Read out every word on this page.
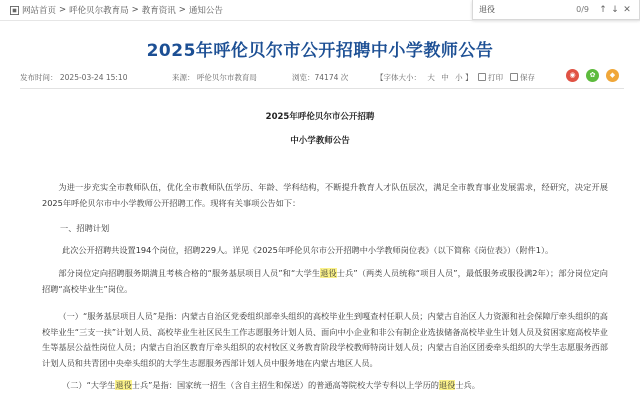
网站首页 > 呼伦贝尔教育局 > 教育资讯 > 通知公告	退役	0/9 ↑ ↓ ✕
2025年呼伦贝尔市公开招聘中小学教师公告
发布时间： 2025-03-24 15:10	来源： 呼伦贝尔市教育局	浏览：74174 次	【字体大小： 大 中 小 】 打印 保存	◉	✿	◆
2025年呼伦贝尔市公开招聘
中小学教师公告
为进一步充实全市教师队伍，优化全市教师队伍学历、年龄、学科结构，不断提升教育人才队伍层次，满足全市教育事业发展需求，经研究，决定开展2025年呼伦贝尔市中小学教师公开招聘工作。现将有关事项公告如下：
一、招聘计划
此次公开招聘共设置194个岗位，招聘229人。详见《2025年呼伦贝尔市公开招聘中小学教师岗位表》（以下简称《岗位表》）（附件1）。
部分岗位定向招聘服务期满且考核合格的“服务基层项目人员”和“大学生退役士兵”（两类人员统称“项目人员”，最低服务或服役满2年）；部分岗位定向招聘“高校毕业生”岗位。
（一）“服务基层项目人员”是指：内蒙古自治区党委组织部牵头组织的高校毕业生到嘎查村任职人员；内蒙古自治区人力资源和社会保障厅牵头组织的高校毕业生“三支一扶”计划人员、高校毕业生社区民生工作志愿服务计划人员、面向中小企业和非公有制企业选拔储备高校毕业生计划人员及贫困家庭高校毕业生等基层公益性岗位人员；内蒙古自治区教育厅牵头组织的农村牧区义务教育阶段学校教师特岗计划人员；内蒙古自治区团委牵头组织的大学生志愿服务西部计划人员和共青团中央牵头组织的大学生志愿服务西部计划人员中服务地在内蒙古地区人员。
（二）“大学生退役士兵”是指：国家统一招生（含自主招生和保送）的普通高等院校大学专科以上学历的退役士兵。
